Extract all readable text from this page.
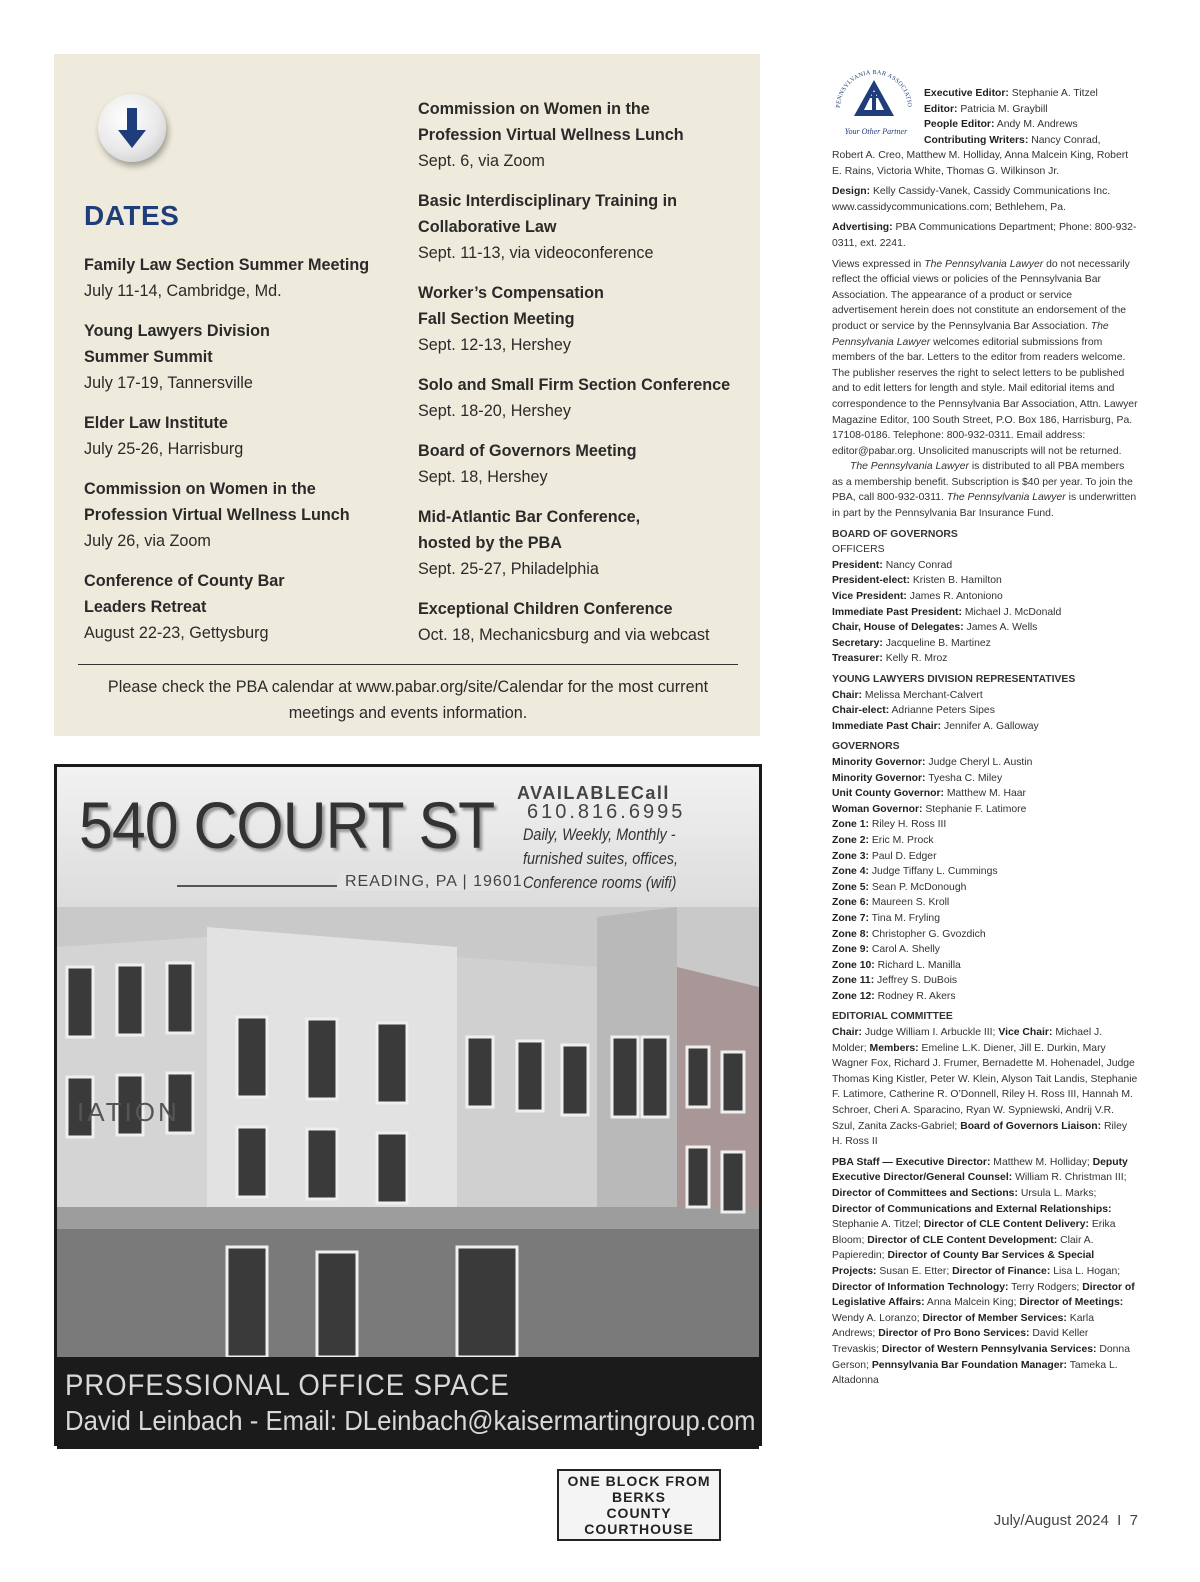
DATES
Family Law Section Summer Meeting
July 11-14, Cambridge, Md.
Young Lawyers Division
Summer Summit
July 17-19, Tannersville
Elder Law Institute
July 25-26, Harrisburg
Commission on Women in the
Profession Virtual Wellness Lunch
July 26, via Zoom
Conference of County Bar
Leaders Retreat
August 22-23, Gettysburg
Commission on Women in the
Profession Virtual Wellness Lunch
Sept. 6, via Zoom
Basic Interdisciplinary Training in
Collaborative Law
Sept. 11-13, via videoconference
Worker’s Compensation
Fall Section Meeting
Sept. 12-13, Hershey
Solo and Small Firm Section Conference
Sept. 18-20, Hershey
Board of Governors Meeting
Sept. 18, Hershey
Mid-Atlantic Bar Conference,
hosted by the PBA
Sept. 25-27, Philadelphia
Exceptional Children Conference
Oct. 18, Mechanicsburg and via webcast
Please check the PBA calendar at www.pabar.org/site/Calendar for the most current meetings and events information.
540 COURT ST
READING, PA | 19601
AVAILABLECall
610.816.6995
Daily, Weekly, Monthly - furnished suites, offices, Conference rooms (wifi)
IATION
ONE BLOCK FROM
BERKS
COUNTY
COURTHOUSE
PROFESSIONAL OFFICE SPACE
David Leinbach - Email: DLeinbach@kaisermartingroup.com
PENNSYLVANIA BAR ASSOCIATIO
Your Other Partner

Executive Editor: Stephanie A. Titzel

Editor: Patricia M. Graybill

People Editor: Andy M. Andrews

Contributing Writers: Nancy Conrad,

Robert A. Creo, Matthew M. Holliday, Anna Malcein King, Robert E. Rains, Victoria White, Thomas G. Wilkinson Jr.

Design: Kelly Cassidy-Vanek, Cassidy Communications Inc. www.cassidycommunications.com; Bethlehem, Pa.

Advertising: PBA Communications Department; Phone: 800-932-0311, ext. 2241.

Views expressed in The Pennsylvania Lawyer do not necessarily reflect the official views or policies of the Pennsylvania Bar Association. The appearance of a product or service advertisement herein does not constitute an endorsement of the product or service by the Pennsylvania Bar Association. The Pennsylvania Lawyer welcomes editorial submissions from members of the bar. Letters to the editor from readers welcome. The publisher reserves the right to select letters to be published and to edit letters for length and style. Mail editorial items and correspondence to the Pennsylvania Bar Association, Attn. Lawyer Magazine Editor, 100 South Street, P.O. Box 186, Harrisburg, Pa. 17108-0186. Telephone: 800-932-0311. Email address: editor@pabar.org. Unsolicited manuscripts will not be returned.

The Pennsylvania Lawyer is distributed to all PBA members as a membership benefit. Subscription is $40 per year. To join the PBA, call 800-932-0311. The Pennsylvania Lawyer is underwritten in part by the Pennsylvania Bar Insurance Fund.

BOARD OF GOVERNORS

OFFICERS

President: Nancy Conrad

President-elect: Kristen B. Hamilton

Vice President: James R. Antoniono

Immediate Past President: Michael J. McDonald

Chair, House of Delegates: James A. Wells

Secretary: Jacqueline B. Martinez

Treasurer: Kelly R. Mroz

YOUNG LAWYERS DIVISION REPRESENTATIVES

Chair: Melissa Merchant-Calvert

Chair-elect: Adrianne Peters Sipes

Immediate Past Chair: Jennifer A. Galloway

GOVERNORS

Minority Governor: Judge Cheryl L. Austin

Minority Governor: Tyesha C. Miley

Unit County Governor: Matthew M. Haar

Woman Governor: Stephanie F. Latimore

Zone 1: Riley H. Ross III

Zone 2: Eric M. Prock

Zone 3: Paul D. Edger

Zone 4: Judge Tiffany L. Cummings

Zone 5: Sean P. McDonough

Zone 6: Maureen S. Kroll

Zone 7: Tina M. Fryling

Zone 8: Christopher G. Gvozdich

Zone 9: Carol A. Shelly

Zone 10: Richard L. Manilla

Zone 11: Jeffrey S. DuBois

Zone 12: Rodney R. Akers

EDITORIAL COMMITTEE

Chair: Judge William I. Arbuckle III; Vice Chair: Michael J. Molder; Members: Emeline L.K. Diener, Jill E. Durkin, Mary Wagner Fox, Richard J. Frumer, Bernadette M. Hohenadel, Judge Thomas King Kistler, Peter W. Klein, Alyson Tait Landis, Stephanie F. Latimore, Catherine R. O’Donnell, Riley H. Ross III, Hannah M. Schroer, Cheri A. Sparacino, Ryan W. Sypniewski, Andrij V.R. Szul, Zanita Zacks-Gabriel; Board of Governors Liaison: Riley H. Ross II

PBA Staff — Executive Director: Matthew M. Holliday; Deputy Executive Director/General Counsel: William R. Christman III; Director of Committees and Sections: Ursula L. Marks; Director of Communications and External Relationships: Stephanie A. Titzel; Director of CLE Content Delivery: Erika Bloom; Director of CLE Content Development: Clair A. Papieredin; Director of County Bar Services & Special Projects: Susan E. Etter; Director of Finance: Lisa L. Hogan; Director of Information Technology: Terry Rodgers; Director of Legislative Affairs: Anna Malcein King; Director of Meetings: Wendy A. Loranzo; Director of Member Services: Karla Andrews; Director of Pro Bono Services: David Keller Trevaskis; Director of Western Pennsylvania Services: Donna Gerson; Pennsylvania Bar Foundation Manager: Tameka L. Altadonna

July/August 2024  I  7
